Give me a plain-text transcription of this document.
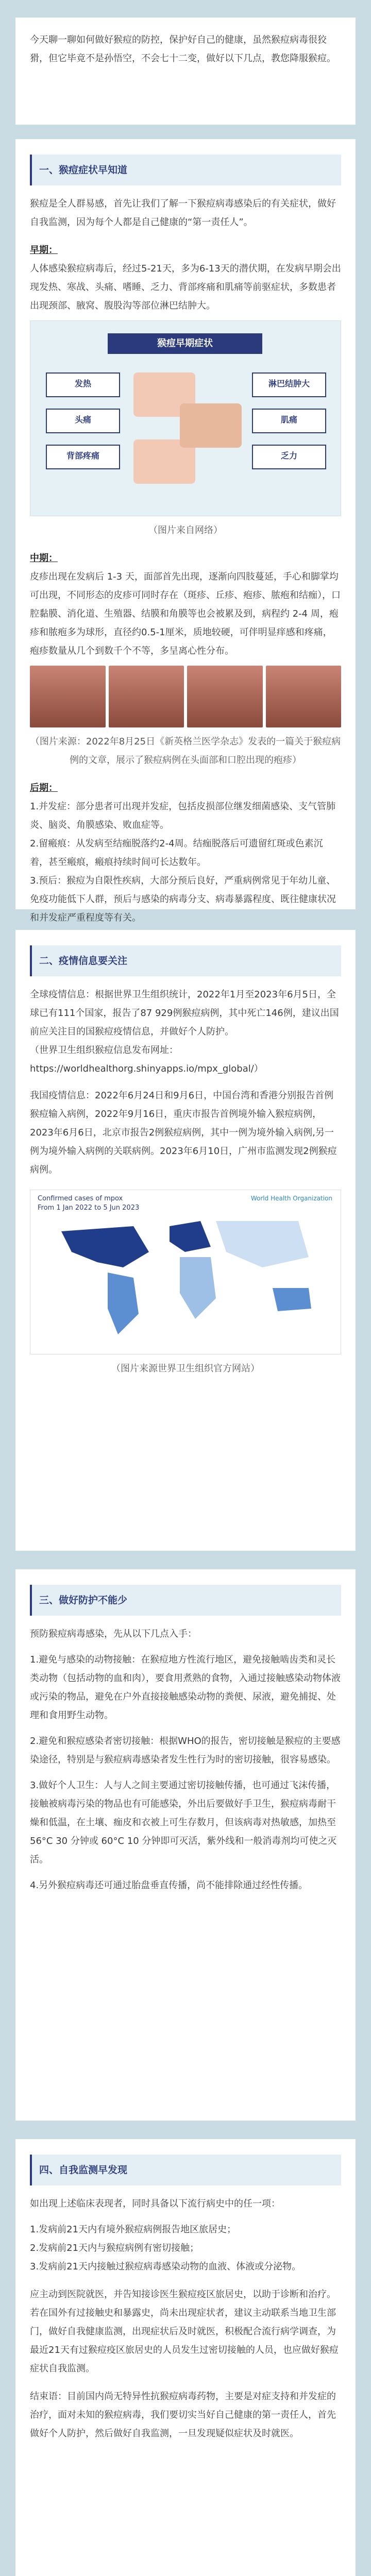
今天聊一聊如何做好猴痘的防控，保护好自己的健康，虽然猴痘病毒很狡猾，但它毕竟不是孙悟空，不会七十二变，做好以下几点，教您降服猴痘。

一、猴痘症状早知道

猴痘是全人群易感，首先让我们了解一下猴痘病毒感染后的有关症状，做好自我监测，因为每个人都是自己健康的“第一责任人”。

早期：

人体感染猴痘病毒后，经过5-21天，多为6-13天的潜伏期，在发病早期会出现发热、寒战、头痛、嗜睡、乏力、背部疼痛和肌痛等前驱症状，多数患者出现颈部、腋窝、腹股沟等部位淋巴结肿大。

猴痘早期症状
发热
头痛
背部疼痛
淋巴结肿大
肌痛
乏力

（图片来自网络）

中期：

皮疹出现在发病后 1-3 天，面部首先出现，逐渐向四肢蔓延，手心和脚掌均可出现，不同形态的皮疹可同时存在（斑疹、丘疹、疱疹、脓疱和结痂），口腔黏膜、消化道、生殖器、结膜和角膜等也会被累及到，病程约 2-4 周，疱疹和脓疱多为球形，直径约0.5-1厘米，质地较硬，可伴明显痒感和疼痛，疱疹数量从几个到数千个不等，多呈离心性分布。

（图片来源：2022年8月25日《新英格兰医学杂志》发表的一篇关于猴痘病例的文章，展示了猴痘病例在头面部和口腔出现的疱疹）

后期：

1.并发症：部分患者可出现并发症，包括皮损部位继发细菌感染、支气管肺炎、脑炎、角膜感染、败血症等。

2.留瘢痕：从发病至结痂脱落约2-4周。结痂脱落后可遗留红斑或色素沉着，甚至瘢痕，瘢痕持续时间可长达数年。

3.预后：猴痘为自限性疾病，大部分预后良好，严重病例常见于年幼儿童、免疫功能低下人群，预后与感染的病毒分支、病毒暴露程度、既往健康状况和并发症严重程度等有关。

二、疫情信息要关注

全球疫情信息：根据世界卫生组织统计，2022年1月至2023年6月5日，全球已有111个国家，报告了87 929例猴痘病例，其中死亡146例，建议出国前应关注目的国猴痘疫情信息，并做好个人防护。

（世界卫生组织猴痘信息发布网址：

https://worldhealthorg.shinyapps.io/mpx_global/）

我国疫情信息：2022年6月24日和9月6日，中国台湾和香港分别报告首例猴痘输入病例，2022年9月16日，重庆市报告首例境外输入猴痘病例，2023年6月6日，北京市报告2例猴痘病例，其中一例为境外输入病例,另一例为境外输入病例的关联病例。2023年6月10日，广州市监测发现2例猴痘病例。

Confirmed cases of mpox
From 1 Jan 2022 to 5 Jun 2023
World Health Organization

（图片来源世界卫生组织官方网站）

三、做好防护不能少

预防猴痘病毒感染，先从以下几点入手：

1.避免与感染的动物接触：在猴痘地方性流行地区，避免接触啮齿类和灵长类动物（包括动物的血和肉），要食用煮熟的食物，入通过接触感染动物体液或污染的物品，避免在户外直接接触感染动物的粪便、尿液，避免捕捉、处理和食用野生动物。

2.避免和猴痘感染者密切接触：根据WHO的报告，密切接触是猴痘的主要感染途径，特别是与猴痘病毒感染者发生性行为时的密切接触，很容易感染。

3.做好个人卫生：人与人之间主要通过密切接触传播，也可通过飞沫传播，接触被病毒污染的物品也有可能感染，外出后要做好手卫生，猴痘病毒耐干燥和低温，在土壤、痂皮和衣被上可生存数月，但该病毒对热敏感，加热至 56°C 30 分钟或 60°C 10 分钟即可灭活，紫外线和一般消毒剂均可使之灭活。

4.另外猴痘病毒还可通过胎盘垂直传播，尚不能排除通过经性传播。

四、自我监测早发现

如出现上述临床表现者，同时具备以下流行病史中的任一项：

1.发病前21天内有境外猴痘病例报告地区旅居史；

2.发病前21天内与猴痘病例有密切接触；

3.发病前21天内接触过猴痘病毒感染动物的血液、体液或分泌物。

应主动到医院就医，并告知接诊医生猴痘疫区旅居史，以助于诊断和治疗。若在国外有过接触史和暴露史，尚未出现症状者，建议主动联系当地卫生部门，做好自我健康监测，出现症状后及时就医，积极配合流行病学调查，为最近21天有过猴痘疫区旅居史的人员发生过密切接触的人员，也应做好猴痘症状自我监测。

结束语：目前国内尚无特异性抗猴痘病毒药物，主要是对症支持和并发症的治疗，面对未知的猴痘病毒，我们要切实当好自己健康的第一责任人，首先做好个人防护，然后做好自我监测，一旦发现疑似症状及时就医。
